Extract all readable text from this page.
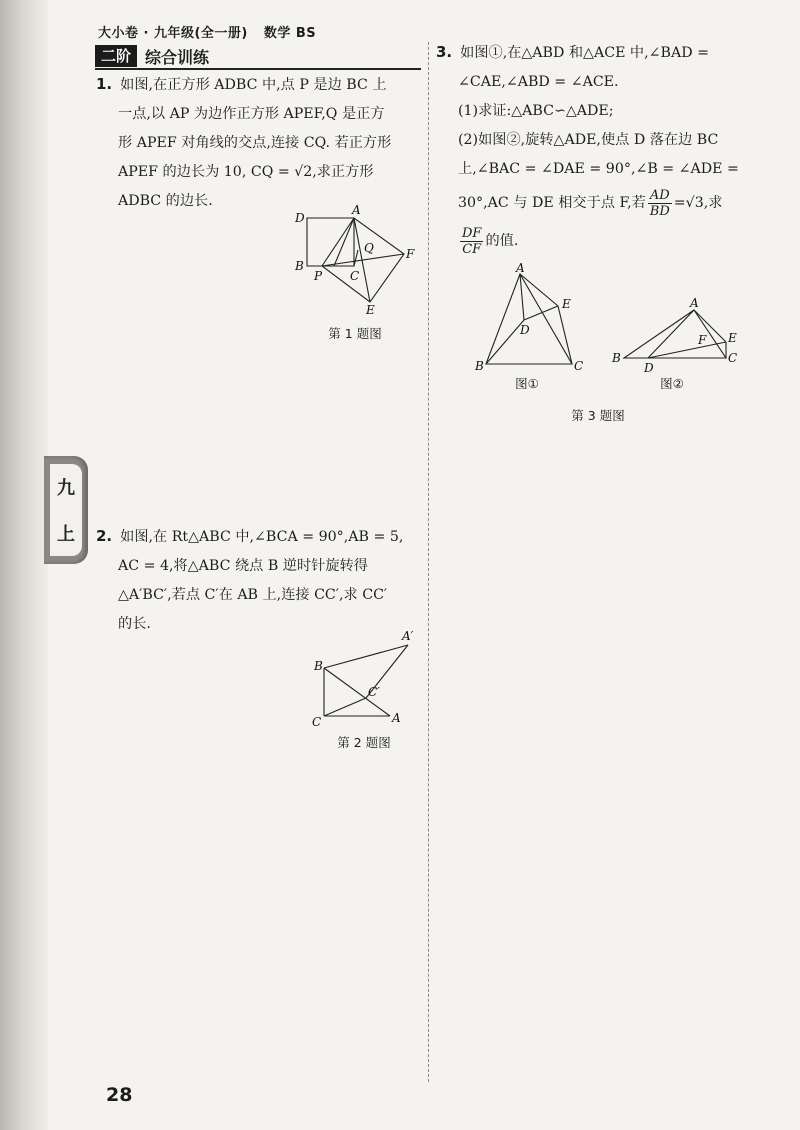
大小卷 · 九年级(全一册) 数学 BS
二阶 综合训练
1. 如图,在正方形 ADBC 中,点 P 是边 BC 上
一点,以 AP 为边作正方形 APEF,Q 是正方
形 APEF 对角线的交点,连接 CQ. 若正方形
APEF 的边长为 10, CQ = √2,求正方形
ADBC 的边长.
D
A
B
P C
Q	F
E
第 1 题图
九
上 2. 如图,在 Rt△ABC 中,∠BCA = 90°,AB = 5,
AC = 4,将△ABC 绕点 B 逆时针旋转得
△A′BC′,若点 C′在 AB 上,连接 CC′,求 CC′
的长.
A′
B
C′
C	A
第 2 题图
3. 如图①,在△ABD 和△ACE 中,∠BAD =
∠CAE,∠ABD = ∠ACE.
(1)求证:△ABC∽△ADE;
(2)如图②,旋转△ADE,使点 D 落在边 BC
上,∠BAC = ∠DAE = 90°,∠B = ∠ADE =
30°,AC 与 DE 相交于点 F,若 $\frac{AD}{BD} =√3$,求
$\frac{DF}{CF}$ 的值.
A
E
D
B	C
图①
A
F E
B
D
C
图②
第 3 题图
28
